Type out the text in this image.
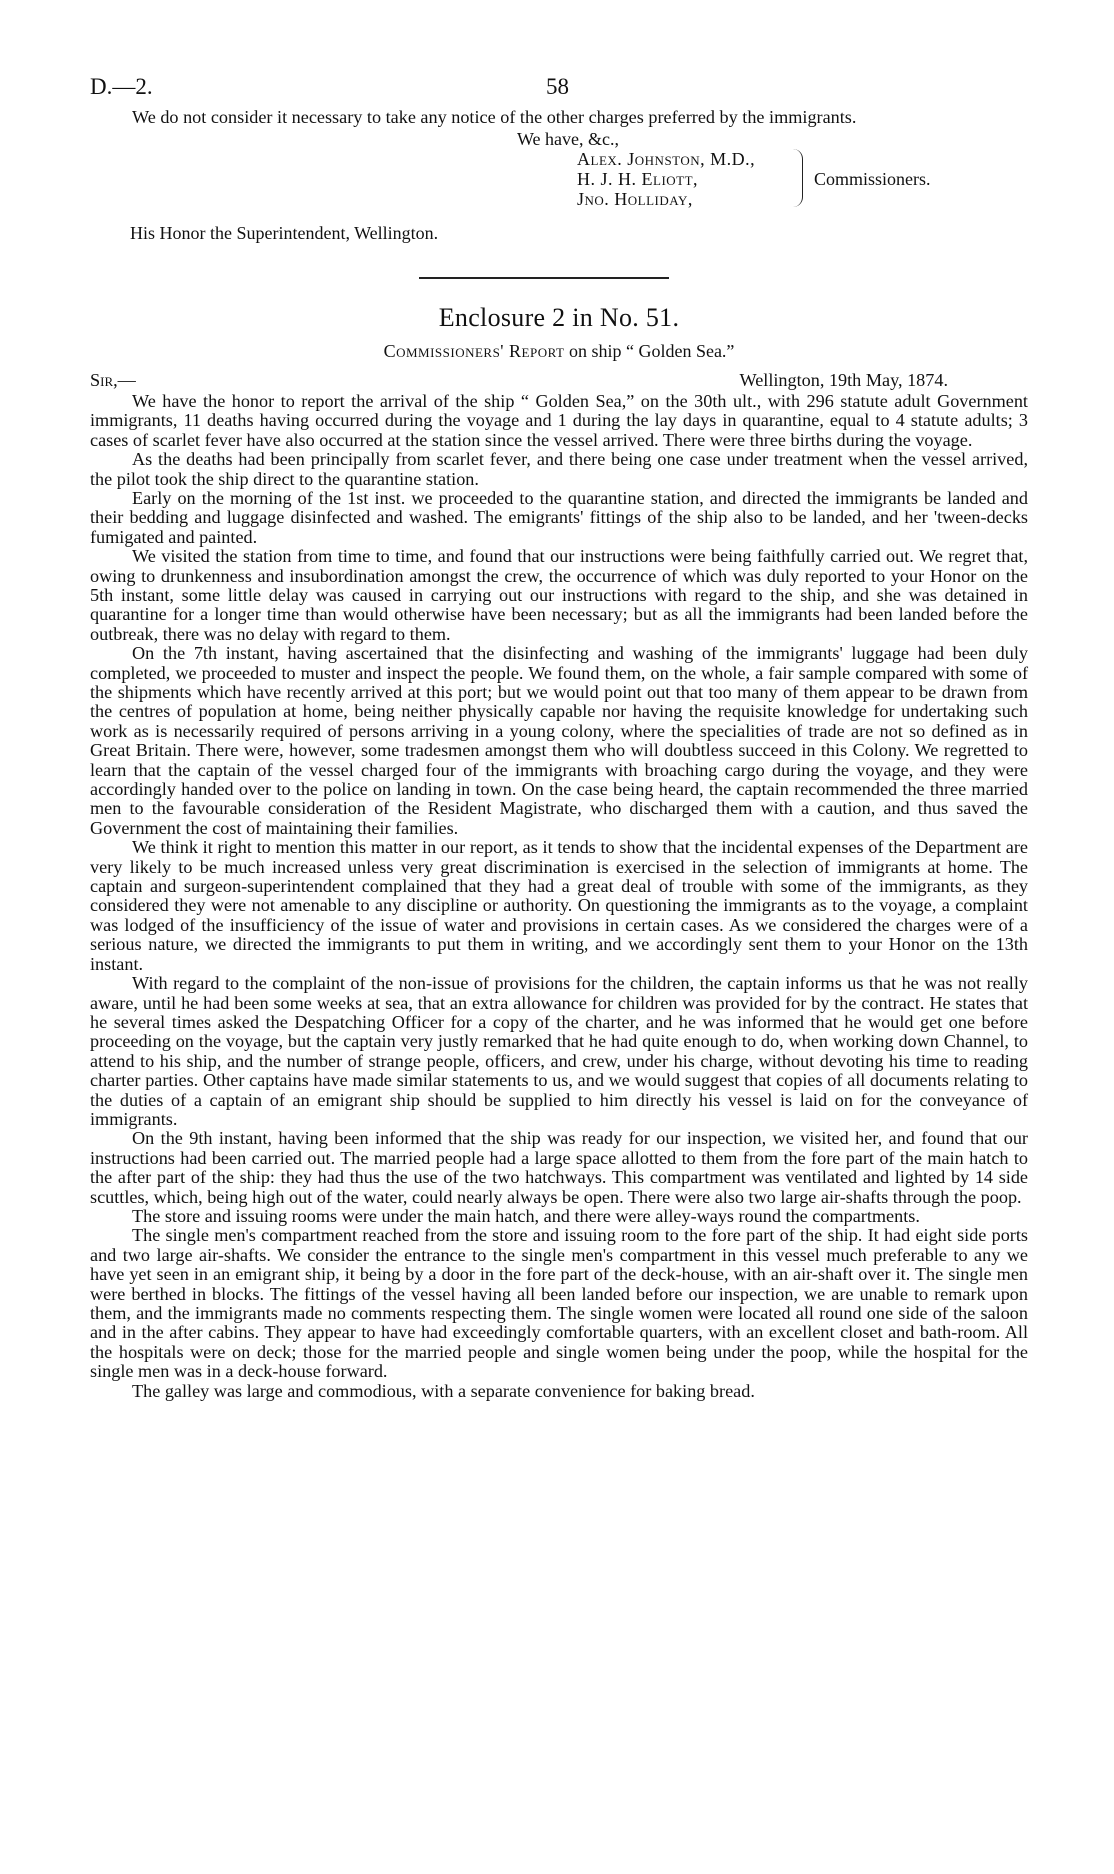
D.—2.	58

We do not consider it necessary to take any notice of the other charges preferred by the immigrants.

We have, &c.,
Alex. Johnston, M.D.,
H. J. H. Eliott,
Jno. Holliday,
Commissioners.
His Honor the Superintendent, Wellington.
Enclosure 2 in No. 51.
Commissioners' Report on ship “ Golden Sea.”
Sir,—	Wellington, 19th May, 1874.

We have the honor to report the arrival of the ship “ Golden Sea,” on the 30th ult., with 296 statute adult Government immigrants, 11 deaths having occurred during the voyage and 1 during the lay days in quarantine, equal to 4 statute adults; 3 cases of scarlet fever have also occurred at the station since the vessel arrived. There were three births during the voyage.

As the deaths had been principally from scarlet fever, and there being one case under treatment when the vessel arrived, the pilot took the ship direct to the quarantine station.

Early on the morning of the 1st inst. we proceeded to the quarantine station, and directed the immigrants be landed and their bedding and luggage disinfected and washed. The emigrants' fittings of the ship also to be landed, and her 'tween-decks fumigated and painted.

We visited the station from time to time, and found that our instructions were being faithfully carried out. We regret that, owing to drunkenness and insubordination amongst the crew, the occurrence of which was duly reported to your Honor on the 5th instant, some little delay was caused in carrying out our instructions with regard to the ship, and she was detained in quarantine for a longer time than would otherwise have been necessary; but as all the immigrants had been landed before the outbreak, there was no delay with regard to them.

On the 7th instant, having ascertained that the disinfecting and washing of the immigrants' luggage had been duly completed, we proceeded to muster and inspect the people. We found them, on the whole, a fair sample compared with some of the shipments which have recently arrived at this port; but we would point out that too many of them appear to be drawn from the centres of population at home, being neither physically capable nor having the requisite knowledge for undertaking such work as is necessarily required of persons arriving in a young colony, where the specialities of trade are not so defined as in Great Britain. There were, however, some tradesmen amongst them who will doubtless succeed in this Colony. We regretted to learn that the captain of the vessel charged four of the immigrants with broaching cargo during the voyage, and they were accordingly handed over to the police on landing in town. On the case being heard, the captain recommended the three married men to the favourable consideration of the Resident Magistrate, who discharged them with a caution, and thus saved the Government the cost of maintaining their families.

We think it right to mention this matter in our report, as it tends to show that the incidental expenses of the Department are very likely to be much increased unless very great discrimination is exercised in the selection of immigrants at home. The captain and surgeon-superintendent complained that they had a great deal of trouble with some of the immigrants, as they considered they were not amenable to any discipline or authority. On questioning the immigrants as to the voyage, a complaint was lodged of the insufficiency of the issue of water and provisions in certain cases. As we considered the charges were of a serious nature, we directed the immigrants to put them in writing, and we accordingly sent them to your Honor on the 13th instant.

With regard to the complaint of the non-issue of provisions for the children, the captain informs us that he was not really aware, until he had been some weeks at sea, that an extra allowance for children was provided for by the contract. He states that he several times asked the Despatching Officer for a copy of the charter, and he was informed that he would get one before proceeding on the voyage, but the captain very justly remarked that he had quite enough to do, when working down Channel, to attend to his ship, and the number of strange people, officers, and crew, under his charge, without devoting his time to reading charter parties. Other captains have made similar statements to us, and we would suggest that copies of all documents relating to the duties of a captain of an emigrant ship should be supplied to him directly his vessel is laid on for the conveyance of immigrants.

On the 9th instant, having been informed that the ship was ready for our inspection, we visited her, and found that our instructions had been carried out. The married people had a large space allotted to them from the fore part of the main hatch to the after part of the ship: they had thus the use of the two hatchways. This compartment was ventilated and lighted by 14 side scuttles, which, being high out of the water, could nearly always be open. There were also two large air-shafts through the poop.

The store and issuing rooms were under the main hatch, and there were alley-ways round the compartments.

The single men's compartment reached from the store and issuing room to the fore part of the ship. It had eight side ports and two large air-shafts. We consider the entrance to the single men's compartment in this vessel much preferable to any we have yet seen in an emigrant ship, it being by a door in the fore part of the deck-house, with an air-shaft over it. The single men were berthed in blocks. The fittings of the vessel having all been landed before our inspection, we are unable to remark upon them, and the immigrants made no comments respecting them. The single women were located all round one side of the saloon and in the after cabins. They appear to have had exceedingly comfortable quarters, with an excellent closet and bath-room. All the hospitals were on deck; those for the married people and single women being under the poop, while the hospital for the single men was in a deck-house forward.

The galley was large and commodious, with a separate convenience for baking bread.
